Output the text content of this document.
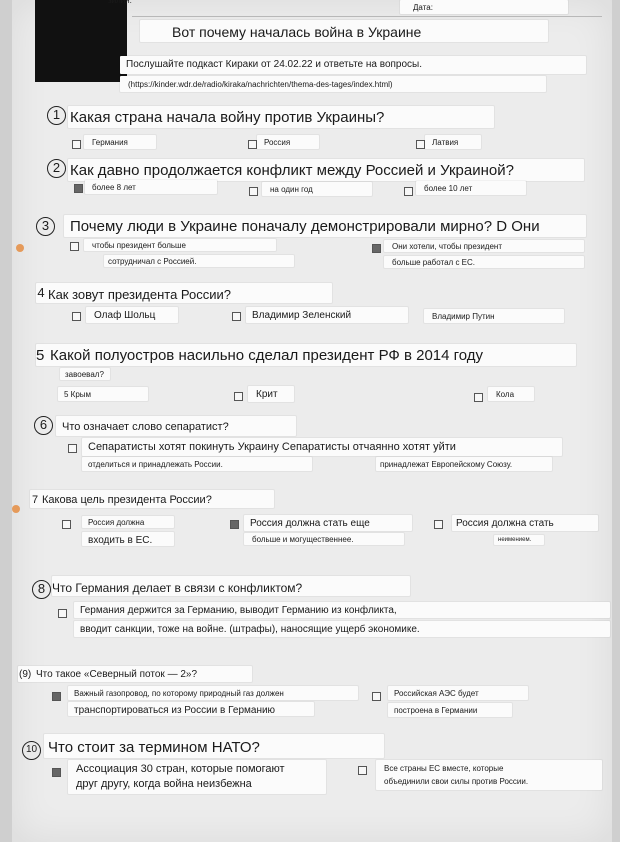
зилия:
Дата:
Вот почему началась война в Украине
Послушайте подкаст Кираки от 24.02.22 и ответьте на вопросы.
(https://kinder.wdr.de/radio/kiraka/nachrichten/thema-des-tages/index.html)
1 Какая страна начала войну против Украины?
Германия	Россия	Латвия
2 Как давно продолжается конфликт между Россией и Украиной?
более 8 лет	на один год	более 10 лет
3	Почему люди в Украине поначалу демонстрировали мирно? D Они
чтобы президент больше
сотрудничал с Россией.
Они хотели, чтобы президент
больше работал с ЕС.
4 Как зовут президента России?
Олаф Шольц	Владимир Зеленский	Владимир Путин
Какой полуостров насильно сделал президент РФ в 2014 году
5
завоевал?
5 Крым	Крит	Кола
6	Что означает слово сепаратист?
Сепаратисты хотят покинуть Украину Сепаратисты отчаянно хотят уйти
отделиться и принадлежать России.	принадлежат Европейскому Союзу.
7 Какова цель президента России?
Россия должна
входить в ЕС.
Россия должна стать еще
больше и могущественнее.
Россия должна стать
неимением.
8 Что Германия делает в связи с конфликтом?
Германия держится за Германию, выводит Германию из конфликта,
вводит санкции, тоже на войне. (штрафы), наносящие ущерб экономике.
(9) Что такое «Северный поток — 2»?
Важный газопровод, по которому природный газ должен
транспортироваться из России в Германию
Российская АЭС будет
построена в Германии
10 Что стоит за термином НАТО?
Ассоциация 30 стран, которые помогают
друг другу, когда война неизбежна
Все страны ЕС вместе, которые
объединили свои силы против России.
